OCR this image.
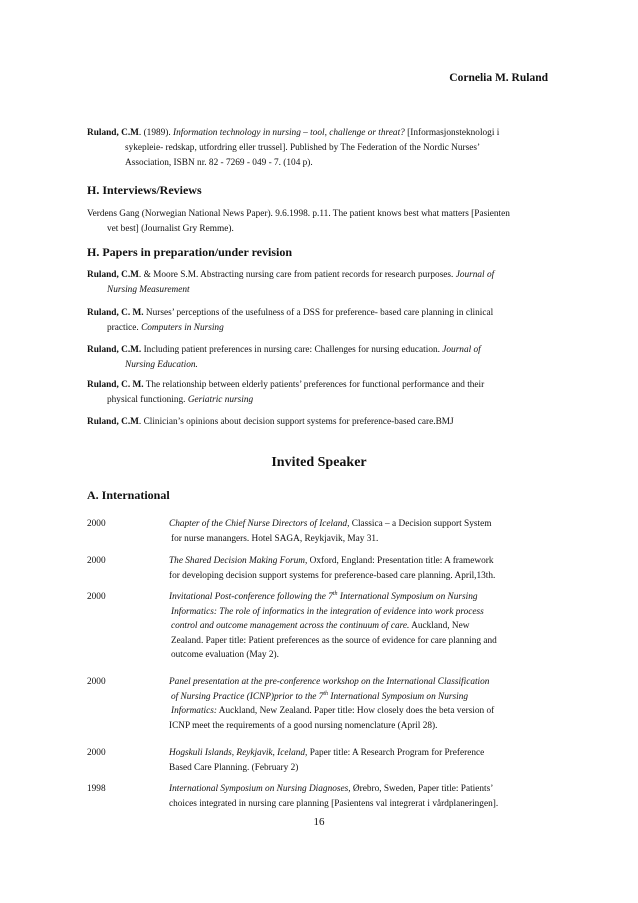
Cornelia M. Ruland
Ruland, C.M. (1989). Information technology in nursing – tool, challenge or threat? [Informasjonsteknologi i
sykepleie- redskap, utfordring eller trussel]. Published by The Federation of the Nordic Nurses’
Association, ISBN nr. 82 - 7269 - 049 - 7. (104 p).
H. Interviews/Reviews
Verdens Gang (Norwegian National News Paper). 9.6.1998. p.11. The patient knows best what matters [Pasienten
vet best] (Journalist Gry Remme).
H. Papers in preparation/under revision
Ruland, C.M. & Moore S.M. Abstracting nursing care from patient records for research purposes. Journal of
Nursing Measurement
Ruland, C. M. Nurses’ perceptions of the usefulness of a DSS for preference- based care planning in clinical
practice. Computers in Nursing
Ruland, C.M. Including patient preferences in nursing care: Challenges for nursing education. Journal of
Nursing Education.
Ruland, C. M. The relationship between elderly patients’ preferences for functional performance and their
physical functioning. Geriatric nursing
Ruland, C.M. Clinician’s opinions about decision support systems for preference-based care.BMJ
Invited Speaker
A. International
2000	Chapter of the Chief Nurse Directors of Iceland, Classica – a Decision support System
for nurse manangers. Hotel SAGA, Reykjavik, May 31.
2000	The Shared Decision Making Forum, Oxford, England: Presentation title: A framework
for developing decision support systems for preference-based care planning. April,13th.
2000	Invitational Post-conference following the 7th International Symposium on Nursing
Informatics: The role of informatics in the integration of evidence into work process
control and outcome management across the continuum of care. Auckland, New
Zealand. Paper title: Patient preferences as the source of evidence for care planning and
outcome evaluation (May 2).
2000	Panel presentation at the pre-conference workshop on the International Classification
of Nursing Practice (ICNP)prior to the 7th International Symposium on Nursing
Informatics: Auckland, New Zealand. Paper title: How closely does the beta version of
ICNP meet the requirements of a good nursing nomenclature (April 28).
2000	Hogskuli Islands, Reykjavik, Iceland, Paper title: A Research Program for Preference
Based Care Planning. (February 2)
1998	International Symposium on Nursing Diagnoses, Ørebro, Sweden, Paper title: Patients’
choices integrated in nursing care planning [Pasientens val integrerat i vårdplaneringen].
16
